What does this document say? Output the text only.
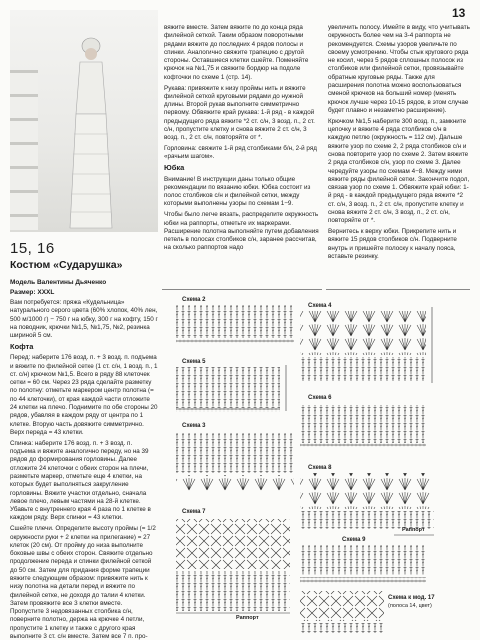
13
15, 16
Костюм «Сударушка»
Модель Валентины Дьяченко
Размер: XXXL

Вам потребуется: пряжа «Кудельница» натурального серого цвета (60% хлопок, 40% лен, 500 м/1000 г) − 750 г на юбку, 300 г на кофту, 150 г на поводник, крючки №1,5, №1,75, №2, резинка шириной 5 см.

Кофта

Перед: наберите 176 возд. п. + 3 возд. п. подъема и вяжите по филейной сетке (1 ст. с/н, 1 возд. п., 1 ст. с/н) крючком №1,5. Всего в ряду 88 клеточек сетки = 60 см. Через 23 ряда сделайте разметку по полотну: отметьте маркером центр полотна (= по 44 клеточки), от края каждой части отложите 24 клетки на плечо. Поднимите по обе стороны 20 рядов, убавляя в каждом ряду от центра по 1 клетке. Вторую часть довяжите симметрично. Верх переда = 43 клетки.

Спинка: наберите 176 возд. п. + 3 возд. п. подъема и вяжите аналогично переду, но на 39 рядов до формирования горловины. Далее отложите 24 клеточки с обеих сторон на плечи, разметьте маркер, отметьте еще 4 клетки, на которых будет выполняться закругление горловины. Вяжите участки отдельно, сначала левое плечо, левым частями на 28-й клетке. Убавьте с внутреннего края 4 раза по 1 клетке в каждом ряду. Верх спинки = 43 клетки.

Сшейте плечи. Определите высоту проймы (= 1/2 окружности руки + 2 клетки на прилегание) = 27 клеток (20 см). От пройму до низа выполните боковые швы с обеих сторон. Свяжите отдельно продолжение переда и спинки филейной сеткой до 50 см. Затем для придания форме трапеции вяжите следующим образом: привяжите нить к низу полотна на детали перед и вяжите по филейной сетке, не доходя до талии 4 клетки. Затем провяжите все 3 клетки вместе. Пропустите 3 недовязанных столбика с/н, поверните полотно, держа на крючке 4 петли, пропустите 1 клетку и также с другого края выполните 3 ст. с/н вместе. Затем все 7 п. про-

вяжите вместе. Затем вяжите по до конца ряда филейной сеткой. Таким образом поворотными рядами вяжите до последних 4 рядов полосы и спинки. Аналогично свяжите трапецию с другой стороны. Оставшиеся клетки сшейте. Поменяйте крючок на №1,75 и свяжите бордюр на подоле кофточки по схеме 1 (стр. 14).

Рукава: привяжите к низу проймы нить и вяжите филейной сеткой круговыми рядами до нужной длины. Второй рукав выполните симметрично первому. Обвяжите край рукава: 1-й ряд - в каждой предыдущего ряда вяжите *2 ст. с/н, 3 возд. п., 2 ст. с/н, пропустите клетку и снова вяжите 2 ст. с/н, 3 возд. п., 2 ст. с/н, повторяйте от *.

Горловина: свяжите 1-й ряд столбиками б/н, 2-й ряд «рачьим шагом».

Юбка

Внимание! В инструкции даны только общие рекомендации по вязанию юбки. Юбка состоит из полос столбиков с/н и филейной сетки, между которыми выполнены узоры по схемам 1−9.

Чтобы было легче вязать, распределите окружность юбки на раппорты, отметьте их маркерами. Расширение полотна выполняйте путем добавления петель в полосах столбиков с/н, заранее рассчитав, на сколько раппортов надо

увеличить полосу. Имейте в виду, что учитывать окружность более чем на 3-4 раппорта не рекомендуется. Схемы узоров увеличьте по своему усмотрению. Чтобы стык кругового ряда не косил, через 5 рядов сплошных полосок из столбиков или филейной сетки, провязывайте обратные круговые ряды. Также для расширения полотна можно воспользоваться сменой крючков на больший номер (менять крючок лучше через 10-15 рядов, в этом случае будет плавно и незаметно расширение).

Крючком №1,5 наберите 300 возд. п., замкните цепочку и вяжите 4 ряда столбиков с/н в каждую петлю (окружность = 112 см). Дальше вяжите узор по схеме 2, 2 ряда столбиков с/н и снова повторите узор по схеме 2. Затем вяжите 2 ряда столбиков с/н, узор по схеме 3. Далее чередуйте узоры по схемам 4−8. Между ними вяжите ряды филейной сетки. Закончите подол, связав узор по схеме 1. Обвяжите край юбки: 1-й ряд - в каждой предыдущего ряда вяжите *2 ст. с/н, 3 возд. п., 2 ст. с/н, пропустите клетку и снова вяжите 2 ст. с/н, 3 возд. п., 2 ст. с/н, повторяйте от *.

Вернитесь к верху юбки. Прикрепите нить и вяжите 15 рядов столбиков с/н. Подверните внутрь и пришейте полоску к началу пояса, вставьте резинку.

Схема 2
Схема 5
Схема 3
Схема 7
Схема 4
Схема 6
Схема 8
Схема 9
Схема к мод. 17
(полоса 14, цвет)
Раппорт
Раппорт
